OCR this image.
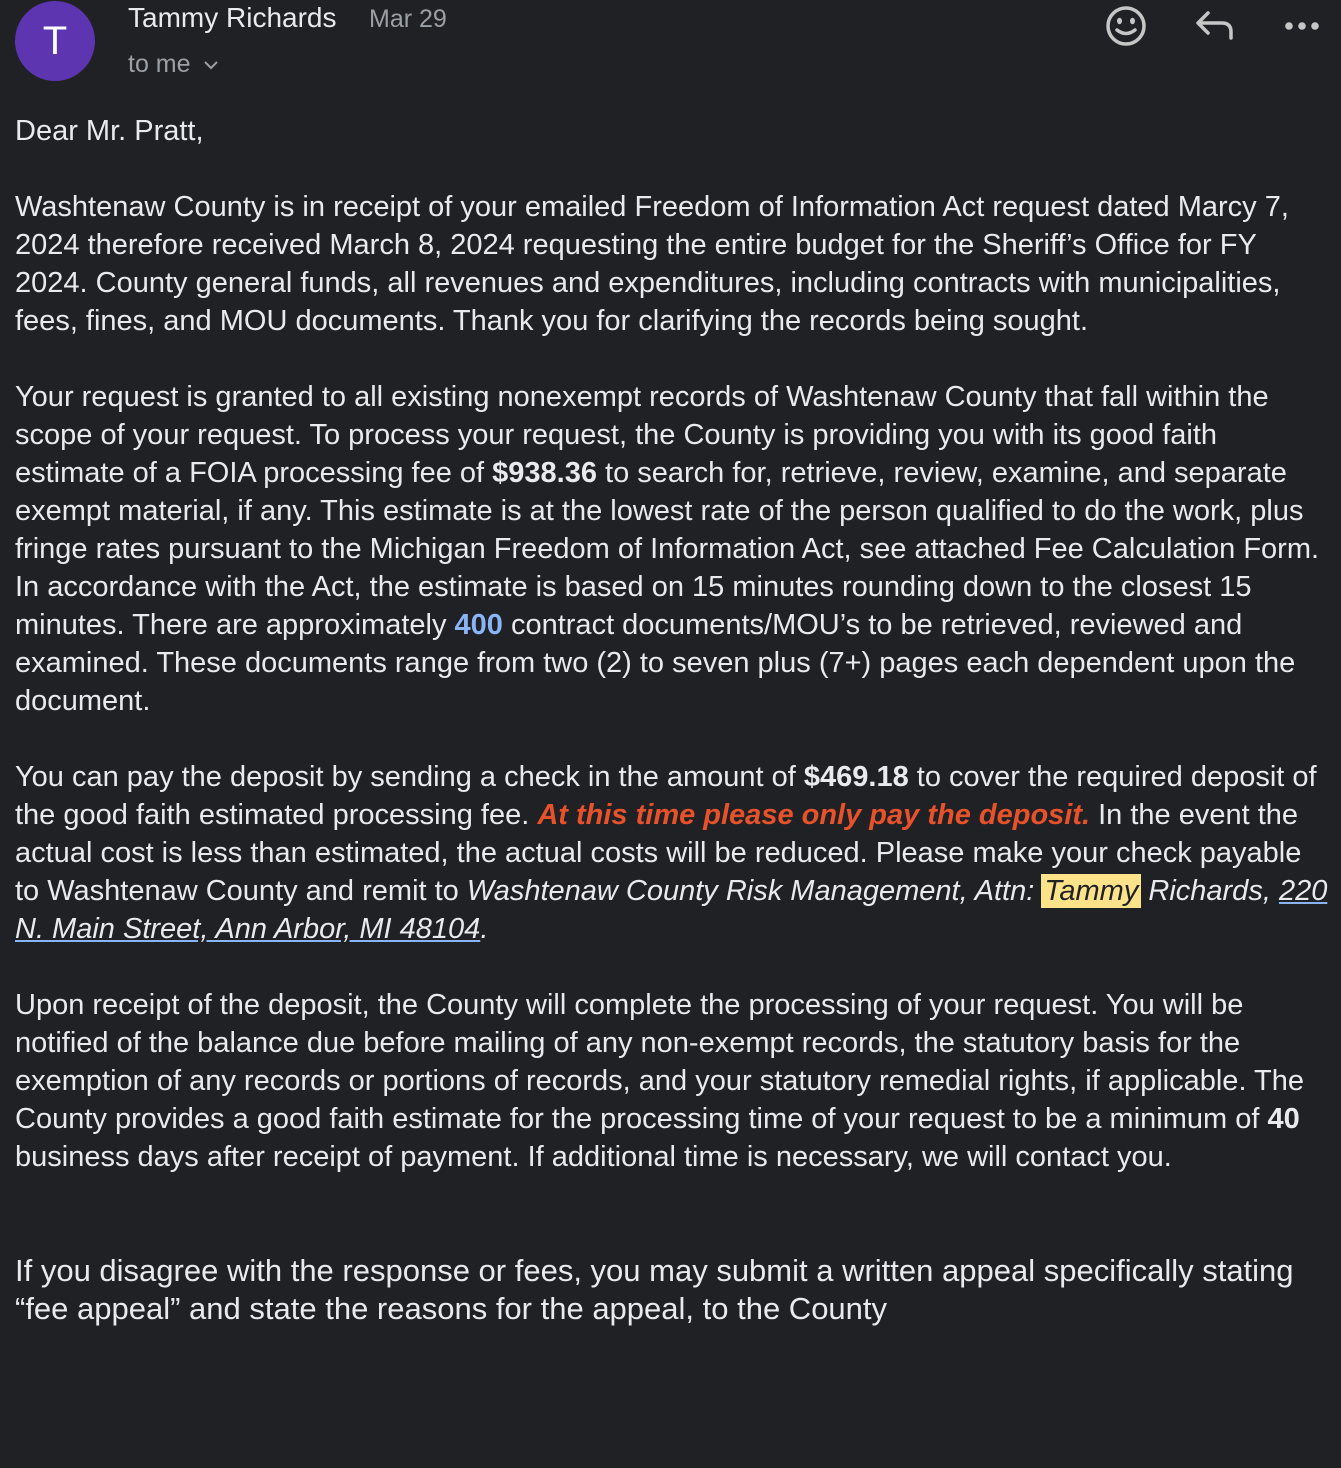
T
Tammy Richards Mar 29
to me

Dear Mr. Pratt,

Washtenaw County is in receipt of your emailed Freedom of Information Act request dated Marcy 7, 2024 therefore received March 8, 2024 requesting the entire budget for the Sheriff’s Office for FY 2024. County general funds, all revenues and expenditures, including contracts with municipalities, fees, fines, and MOU documents. Thank you for clarifying the records being sought.

Your request is granted to all existing nonexempt records of Washtenaw County that fall within the scope of your request. To process your request, the County is providing you with its good faith estimate of a FOIA processing fee of $938.36 to search for, retrieve, review, examine, and separate exempt material, if any. This estimate is at the lowest rate of the person qualified to do the work, plus fringe rates pursuant to the Michigan Freedom of Information Act, see attached Fee Calculation Form. In accordance with the Act, the estimate is based on 15 minutes rounding down to the closest 15 minutes. There are approximately 400 contract documents/MOU’s to be retrieved, reviewed and examined. These documents range from two (2) to seven plus (7+) pages each dependent upon the document.

You can pay the deposit by sending a check in the amount of $469.18 to cover the required deposit of the good faith estimated processing fee. At this time please only pay the deposit. In the event the actual cost is less than estimated, the actual costs will be reduced. Please make your check payable to Washtenaw County and remit to Washtenaw County Risk Management, Attn: Tammy Richards, 220 N. Main Street, Ann Arbor, MI 48104.

Upon receipt of the deposit, the County will complete the processing of your request. You will be notified of the balance due before mailing of any non-exempt records, the statutory basis for the exemption of any records or portions of records, and your statutory remedial rights, if applicable. The County provides a good faith estimate for the processing time of your request to be a minimum of 40 business days after receipt of payment. If additional time is necessary, we will contact you.

If you disagree with the response or fees, you may submit a written appeal specifically stating “fee appeal” and state the reasons for the appeal, to the County
